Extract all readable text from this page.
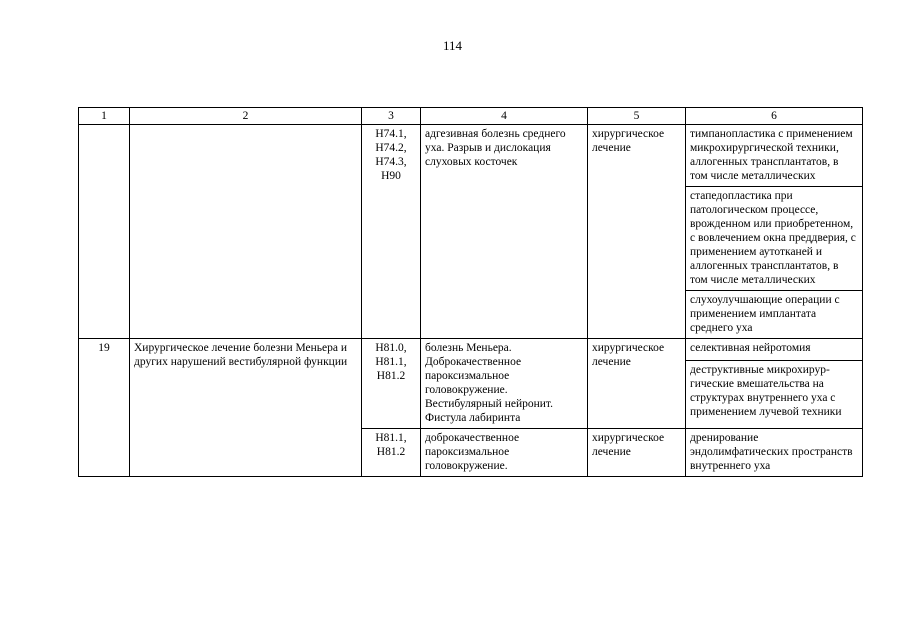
114
1	2	3	4	5	6

		H74.1,
H74.2,
H74.3,
H90	адгезивная болезнь среднего уха. Разрыв и дислокация слуховых косточек	хирургическое лечение	тимпанопластика с применением микрохирургической техники, аллогенных трансплантатов, в том числе металлических
					стапедопластика при патологическом процессе, врожденном или приобретенном, с вовлечением окна преддверия, с применением аутотканей и аллогенных трансплантатов, в том числе металлических
					слухоулучшающие операции с применением имплантата среднего уха
19	Хирургическое лечение болезни Меньера и других нарушений вестибулярной функции	H81.0,
H81.1,
H81.2	болезнь Меньера. Доброкачественное пароксизмальное головокружение. Вестибулярный нейронит. Фистула лабиринта	хирургическое лечение	селективная нейротомия
					деструктивные микрохирур-гические вмешательства на структурах внутреннего уха с применением лучевой техники

		H81.1,
H81.2	доброкачественное пароксизмальное головокружение.	хирургическое лечение	дренирование эндолимфатических пространств внутреннего уха
